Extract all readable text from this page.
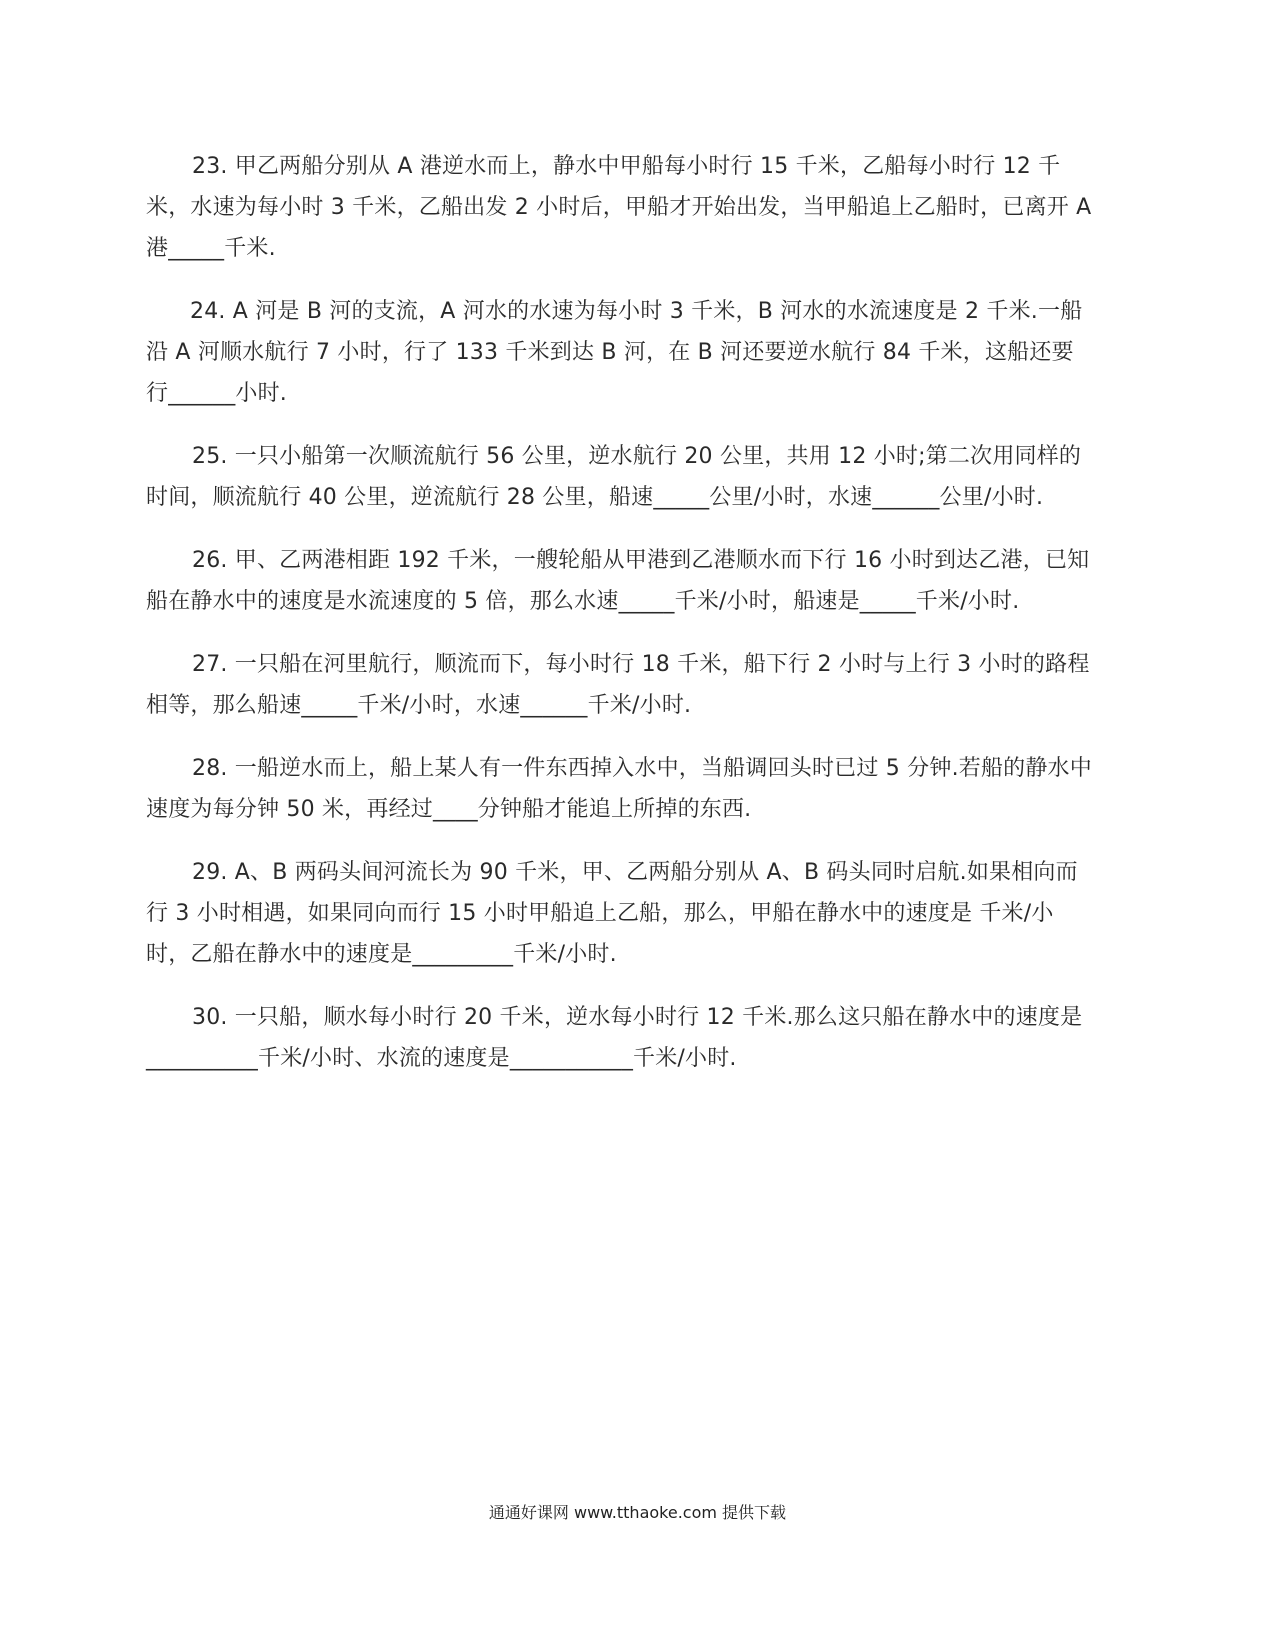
23. 甲乙两船分别从 A 港逆水而上，静水中甲船每小时行 15 千米，乙船每小时行 12 千米，水速为每小时 3 千米，乙船出发 2 小时后，甲船才开始出发，当甲船追上乙船时，已离开 A 港_____千米.

24. A 河是 B 河的支流，A 河水的水速为每小时 3 千米，B 河水的水流速度是 2 千米.一船沿 A 河顺水航行 7 小时，行了 133 千米到达 B 河，在 B 河还要逆水航行 84 千米，这船还要行______小时.

25. 一只小船第一次顺流航行 56 公里，逆水航行 20 公里，共用 12 小时;第二次用同样的时间，顺流航行 40 公里，逆流航行 28 公里，船速_____公里/小时，水速______公里/小时.

26. 甲、乙两港相距 192 千米，一艘轮船从甲港到乙港顺水而下行 16 小时到达乙港，已知船在静水中的速度是水流速度的 5 倍，那么水速_____千米/小时，船速是_____千米/小时.

27. 一只船在河里航行，顺流而下，每小时行 18 千米，船下行 2 小时与上行 3 小时的路程相等，那么船速_____千米/小时，水速______千米/小时.

28. 一船逆水而上，船上某人有一件东西掉入水中，当船调回头时已过 5 分钟.若船的静水中速度为每分钟 50 米，再经过____分钟船才能追上所掉的东西.

29. A、B 两码头间河流长为 90 千米，甲、乙两船分别从 A、B 码头同时启航.如果相向而行 3 小时相遇，如果同向而行 15 小时甲船追上乙船，那么，甲船在静水中的速度是 千米/小时，乙船在静水中的速度是_________千米/小时.

30. 一只船，顺水每小时行 20 千米，逆水每小时行 12 千米.那么这只船在静水中的速度是__________千米/小时、水流的速度是___________千米/小时.

通通好课网 www.tthaoke.com 提供下载
